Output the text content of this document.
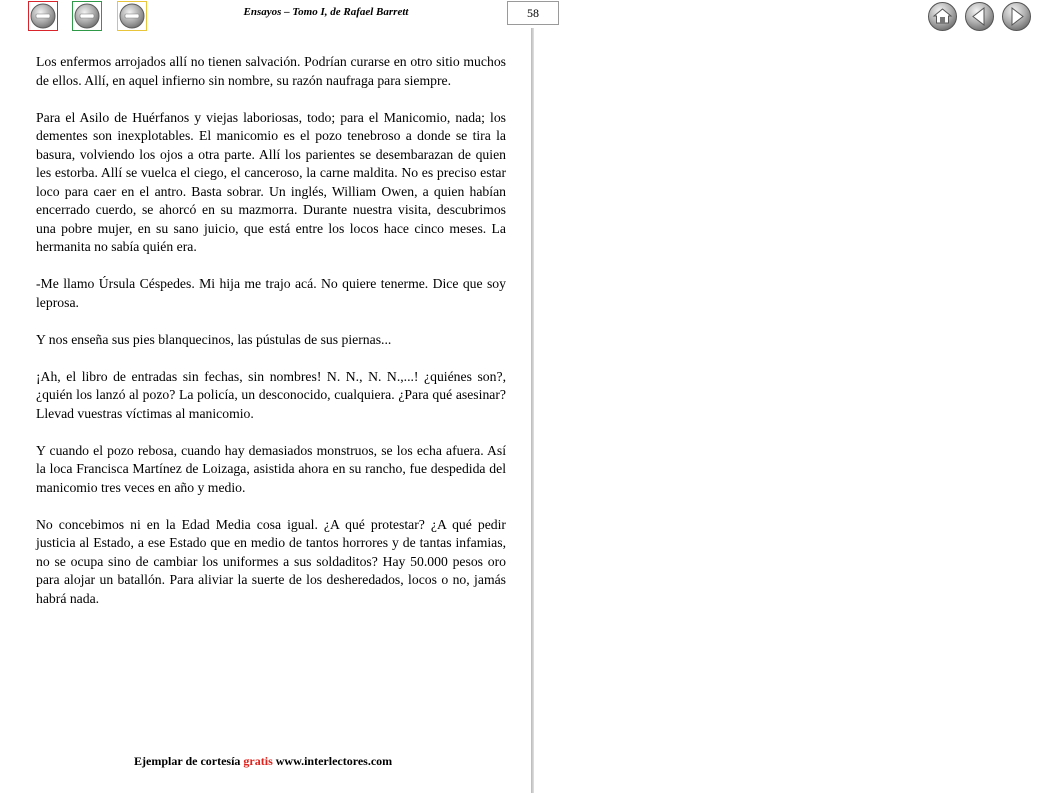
Ensayos – Tomo I, de Rafael Barrett	58

Los enfermos arrojados allí no tienen salvación. Podrían curarse en otro sitio muchos de ellos. Allí, en aquel infierno sin nombre, su razón naufraga para siempre.

Para el Asilo de Huérfanos y viejas laboriosas, todo; para el Manicomio, nada; los dementes son inexplotables. El manicomio es el pozo tenebroso a donde se tira la basura, volviendo los ojos a otra parte. Allí los parientes se desembarazan de quien les estorba. Allí se vuelca el ciego, el canceroso, la carne maldita. No es preciso estar loco para caer en el antro. Basta sobrar. Un inglés, William Owen, a quien habían encerrado cuerdo, se ahorcó en su mazmorra. Durante nuestra visita, descubrimos una pobre mujer, en su sano juicio, que está entre los locos hace cinco meses. La hermanita no sabía quién era.

-Me llamo Úrsula Céspedes. Mi hija me trajo acá. No quiere tenerme. Dice que soy leprosa.

Y nos enseña sus pies blanquecinos, las pústulas de sus piernas...

¡Ah, el libro de entradas sin fechas, sin nombres! N. N., N. N.,...! ¿quiénes son?, ¿quién los lanzó al pozo? La policía, un desconocido, cualquiera. ¿Para qué asesinar? Llevad vuestras víctimas al manicomio.

Y cuando el pozo rebosa, cuando hay demasiados monstruos, se los echa afuera. Así la loca Francisca Martínez de Loizaga, asistida ahora en su rancho, fue despedida del manicomio tres veces en año y medio.

No concebimos ni en la Edad Media cosa igual. ¿A qué protestar? ¿A qué pedir justicia al Estado, a ese Estado que en medio de tantos horrores y de tantas infamias, no se ocupa sino de cambiar los uniformes a sus soldaditos? Hay 50.000 pesos oro para alojar un batallón. Para aliviar la suerte de los desheredados, locos o no, jamás habrá nada.

Ejemplar de cortesía gratis www.interlectores.com
